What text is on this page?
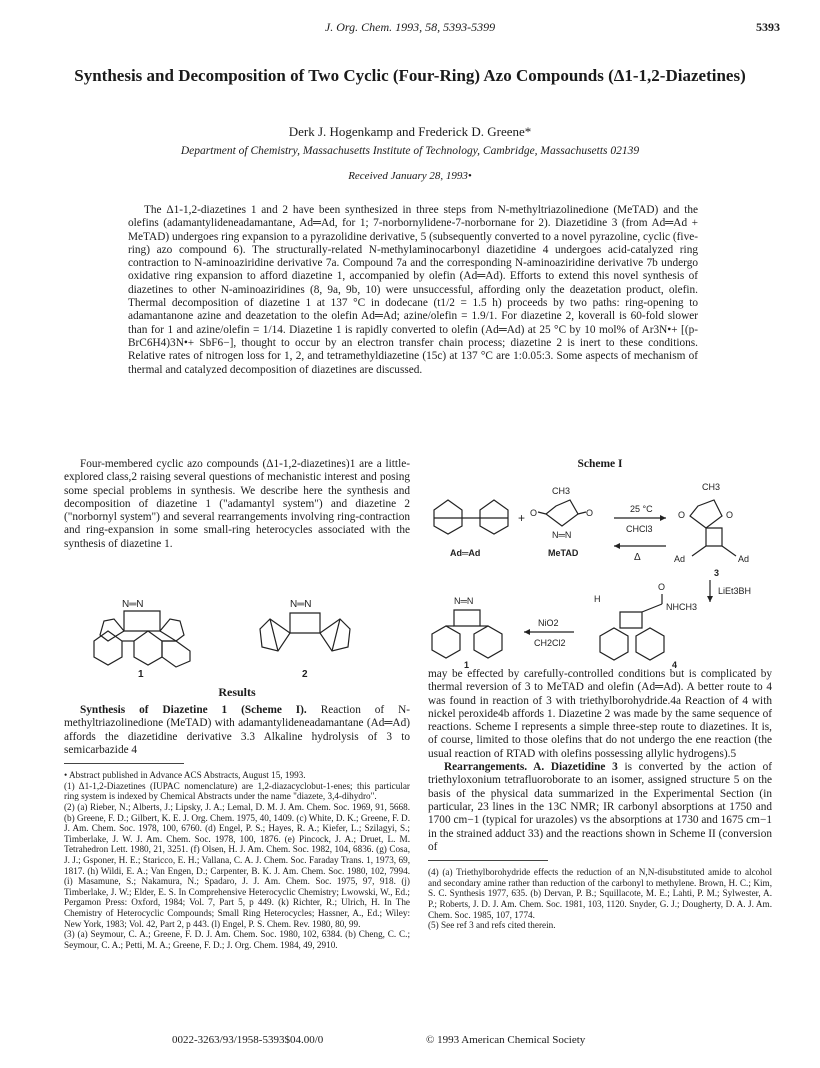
J. Org. Chem. 1993, 58, 5393-5399	5393
Synthesis and Decomposition of Two Cyclic (Four-Ring) Azo Compounds (Δ1-1,2-Diazetines)
Derk J. Hogenkamp and Frederick D. Greene*
Department of Chemistry, Massachusetts Institute of Technology, Cambridge, Massachusetts 02139
Received January 28, 1993•
The Δ1-1,2-diazetines 1 and 2 have been synthesized in three steps from N-methyltriazolinedione (MeTAD) and the olefins (adamantylideneadamantane, Ad═Ad, for 1; 7-norbornylidene-7-norbornane for 2). Diazetidine 3 (from Ad═Ad + MeTAD) undergoes ring expansion to a pyrazolidine derivative, 5 (subsequently converted to a novel pyrazoline, cyclic (five-ring) azo compound 6). The structurally-related N-methylaminocarbonyl diazetidine 4 undergoes acid-catalyzed ring contraction to N-aminoaziridine derivative 7a. Compound 7a and the corresponding N-aminoaziridine derivative 7b undergo oxidative ring expansion to afford diazetine 1, accompanied by olefin (Ad═Ad). Efforts to extend this novel synthesis of diazetines to other N-aminoaziridines (8, 9a, 9b, 10) were unsuccessful, affording only the deazetation product, olefin. Thermal decomposition of diazetine 1 at 137 °C in dodecane (t1/2 = 1.5 h) proceeds by two paths: ring-opening to adamantanone azine and deazetation to the olefin Ad═Ad; azine/olefin = 1.9/1. For diazetine 2, koverall is 60-fold slower than for 1 and azine/olefin = 1/14. Diazetine 1 is rapidly converted to olefin (Ad═Ad) at 25 °C by 10 mol% of Ar3N•+ [(p-BrC6H4)3N•+ SbF6−], thought to occur by an electron transfer chain process; diazetine 2 is inert to these conditions. Relative rates of nitrogen loss for 1, 2, and tetramethyldiazetine (15c) at 137 °C are 1:0.05:3. Some aspects of mechanism of thermal and catalyzed decomposition of diazetines are discussed.

Four-membered cyclic azo compounds (Δ1-1,2-diazetines)1 are a little-explored class,2 raising several questions of mechanistic interest and posing some special problems in synthesis. We describe here the synthesis and decomposition of diazetine 1 ("adamantyl system") and diazetine 2 ("norbornyl system") and several rearrangements involving ring-contraction and ring-expansion in some small-ring heterocycles associated with the synthesis of diazetine 1.

N═N
1
N═N
2
Results

Synthesis of Diazetine 1 (Scheme I). Reaction of N-methyltriazolinedione (MeTAD) with adamantylideneadamantane (Ad═Ad) affords the diazetidine derivative 3.3 Alkaline hydrolysis of 3 to semicarbazide 4

• Abstract published in Advance ACS Abstracts, August 15, 1993.

(1) Δ1-1,2-Diazetines (IUPAC nomenclature) are 1,2-diazacyclobut-1-enes; this particular ring system is indexed by Chemical Abstracts under the name "diazete, 3,4-dihydro".

(2) (a) Rieber, N.; Alberts, J.; Lipsky, J. A.; Lemal, D. M. J. Am. Chem. Soc. 1969, 91, 5668. (b) Greene, F. D.; Gilbert, K. E. J. Org. Chem. 1975, 40, 1409. (c) White, D. K.; Greene, F. D. J. Am. Chem. Soc. 1978, 100, 6760. (d) Engel, P. S.; Hayes, R. A.; Kiefer, L.; Szilagyi, S.; Timberlake, J. W. J. Am. Chem. Soc. 1978, 100, 1876. (e) Pincock, J. A.; Druet, L. M. Tetrahedron Lett. 1980, 21, 3251. (f) Olsen, H. J. Am. Chem. Soc. 1982, 104, 6836. (g) Cosa, J. J.; Gsponer, H. E.; Staricco, E. H.; Vallana, C. A. J. Chem. Soc. Faraday Trans. 1, 1973, 69, 1817. (h) Wildi, E. A.; Van Engen, D.; Carpenter, B. K. J. Am. Chem. Soc. 1980, 102, 7994. (i) Masamune, S.; Nakamura, N.; Spadaro, J. J. Am. Chem. Soc. 1975, 97, 918. (j) Timberlake, J. W.; Elder, E. S. In Comprehensive Heterocyclic Chemistry; Lwowski, W., Ed.; Pergamon Press: Oxford, 1984; Vol. 7, Part 5, p 449. (k) Richter, R.; Ulrich, H. In The Chemistry of Heterocyclic Compounds; Small Ring Heterocycles; Hassner, A., Ed.; Wiley: New York, 1983; Vol. 42, Part 2, p 443. (l) Engel, P. S. Chem. Rev. 1980, 80, 99.

(3) (a) Seymour, C. A.; Greene, F. D. J. Am. Chem. Soc. 1980, 102, 6384. (b) Cheng, C. C.; Seymour, C. A.; Petti, M. A.; Greene, F. D.; J. Org. Chem. 1984, 49, 2910.

Scheme I
Ad═Ad
+
CH3
O	O
N═N
MeTAD
25 °C
CHCl3
Δ
CH3
O	O
Ad	Ad
3
LiEt3BH
N═N
1
NiO2
CH2Cl2
H
O
NHCH3
4

may be effected by carefully-controlled conditions but is complicated by thermal reversion of 3 to MeTAD and olefin (Ad═Ad). A better route to 4 was found in reaction of 3 with triethylborohydride.4a Reaction of 4 with nickel peroxide4b affords 1. Diazetine 2 was made by the same sequence of reactions. Scheme I represents a simple three-step route to diazetines. It is, of course, limited to those olefins that do not undergo the ene reaction (the usual reaction of RTAD with olefins possessing allylic hydrogens).5

Rearrangements. A. Diazetidine 3 is converted by the action of triethyloxonium tetrafluoroborate to an isomer, assigned structure 5 on the basis of the physical data summarized in the Experimental Section (in particular, 23 lines in the 13C NMR; IR carbonyl absorptions at 1750 and 1700 cm−1 (typical for urazoles) vs the absorptions at 1730 and 1675 cm−1 in the strained adduct 33) and the reactions shown in Scheme II (conversion of

(4) (a) Triethylborohydride effects the reduction of an N,N-disubstituted amide to alcohol and secondary amine rather than reduction of the carbonyl to methylene. Brown, H. C.; Kim, S. C. Synthesis 1977, 635. (b) Dervan, P. B.; Squillacote, M. E.; Lahti, P. M.; Sylwester, A. P.; Roberts, J. D. J. Am. Chem. Soc. 1981, 103, 1120. Snyder, G. J.; Dougherty, D. A. J. Am. Chem. Soc. 1985, 107, 1774.

(5) See ref 3 and refs cited therein.

0022-3263/93/1958-5393$04.00/0	© 1993 American Chemical Society
